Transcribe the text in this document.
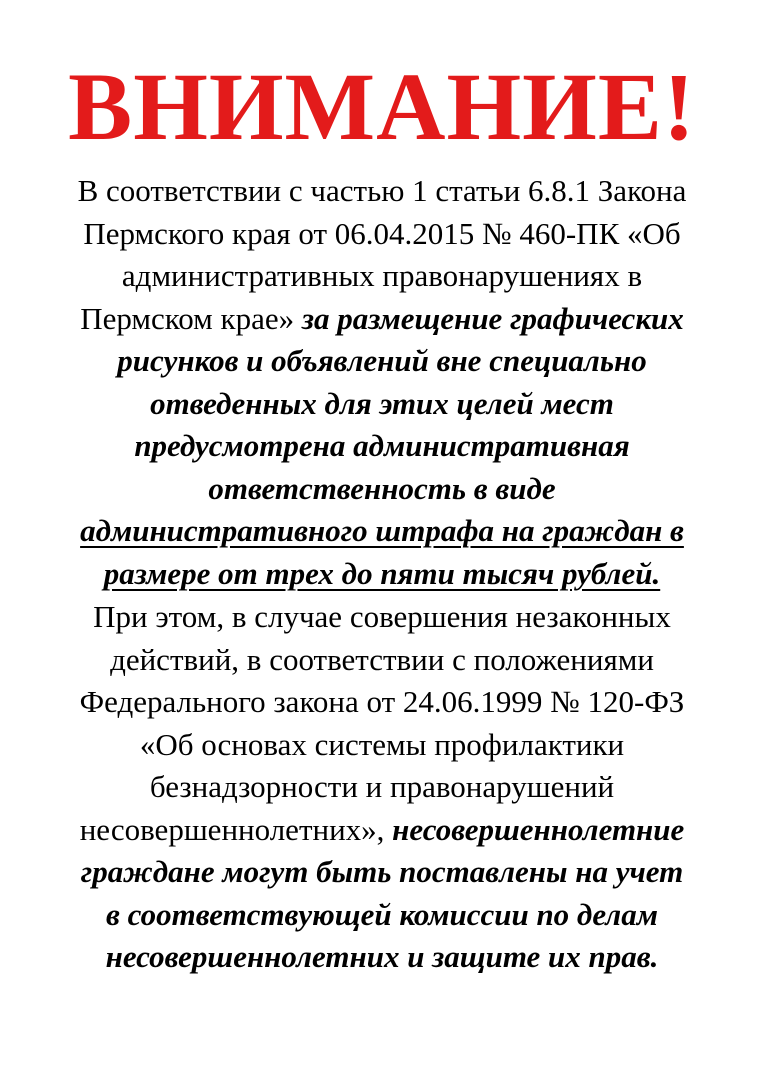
ВНИМАНИЕ!

В соответствии с частью 1 статьи 6.8.1 Закона
Пермского края от 06.04.2015 № 460-ПК «Об
административных правонарушениях в
Пермском крае» за размещение графических
рисунков и объявлений вне специально
отведенных для этих целей мест
предусмотрена административная
ответственность в виде
административного штрафа на граждан в
размере от трех до пяти тысяч рублей.

При этом, в случае совершения незаконных
действий, в соответствии с положениями
Федерального закона от 24.06.1999 № 120-ФЗ
«Об основах системы профилактики
безнадзорности и правонарушений
несовершеннолетних», несовершеннолетние
граждане могут быть поставлены на учет
в соответствующей комиссии по делам
несовершеннолетних и защите их прав.
